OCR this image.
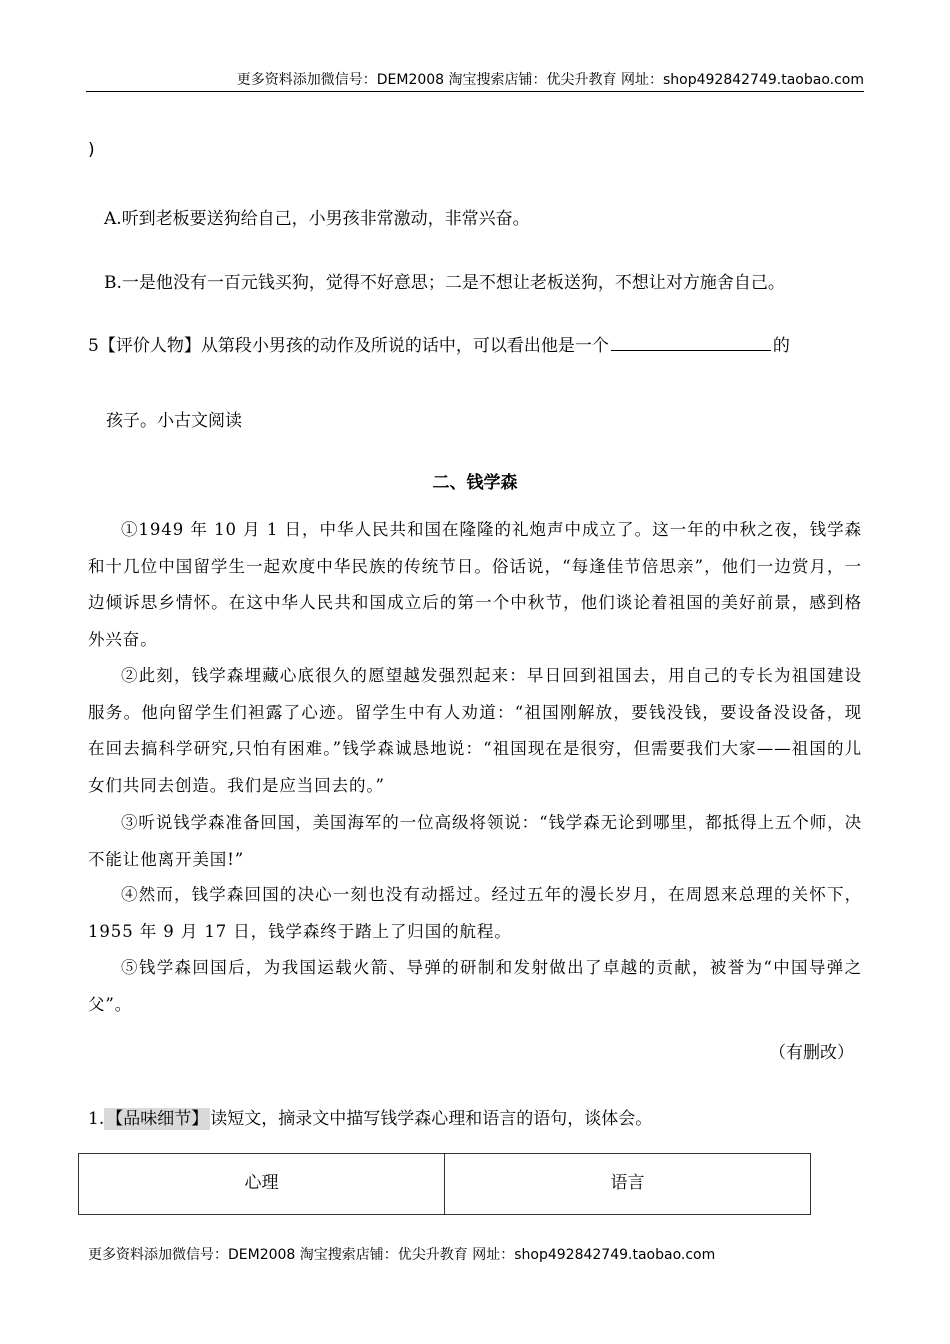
更多资料添加微信号：DEM2008 淘宝搜索店铺：优尖升教育 网址：shop492842749.taobao.com
)
A.听到老板要送狗给自己，小男孩非常激动，非常兴奋。
B.一是他没有一百元钱买狗，觉得不好意思；二是不想让老板送狗，不想让对方施舍自己。
5【评价人物】从第段小男孩的动作及所说的话中，可以看出他是一个	的
孩子。小古文阅读
二、钱学森
①1949 年 10 月 1 日，中华人民共和国在隆隆的礼炮声中成立了。这一年的中秋之夜，钱学森和十几位中国留学生一起欢度中华民族的传统节日。俗话说，“每逢佳节倍思亲”，他们一边赏月，一边倾诉思乡情怀。在这中华人民共和国成立后的第一个中秋节，他们谈论着祖国的美好前景，感到格外兴奋。
②此刻，钱学森埋藏心底很久的愿望越发强烈起来：早日回到祖国去，用自己的专长为祖国建设服务。他向留学生们袒露了心迹。留学生中有人劝道：“祖国刚解放，要钱没钱，要设备没设备，现在回去搞科学研究,只怕有困难。”钱学森诚恳地说：“祖国现在是很穷，但需要我们大家——祖国的儿女们共同去创造。我们是应当回去的。”
③听说钱学森准备回国，美国海军的一位高级将领说：“钱学森无论到哪里，都抵得上五个师，决不能让他离开美国!”
④然而，钱学森回国的决心一刻也没有动摇过。经过五年的漫长岁月，在周恩来总理的关怀下，1955 年 9 月 17 日，钱学森终于踏上了归国的航程。
⑤钱学森回国后，为我国运载火箭、导弹的研制和发射做出了卓越的贡献，被誉为“中国导弹之父”。
（有删改）
1. 【品味细节】 读短文，摘录文中描写钱学森心理和语言的语句，谈体会。
心理	语言
更多资料添加微信号：DEM2008 淘宝搜索店铺：优尖升教育 网址：shop492842749.taobao.com
